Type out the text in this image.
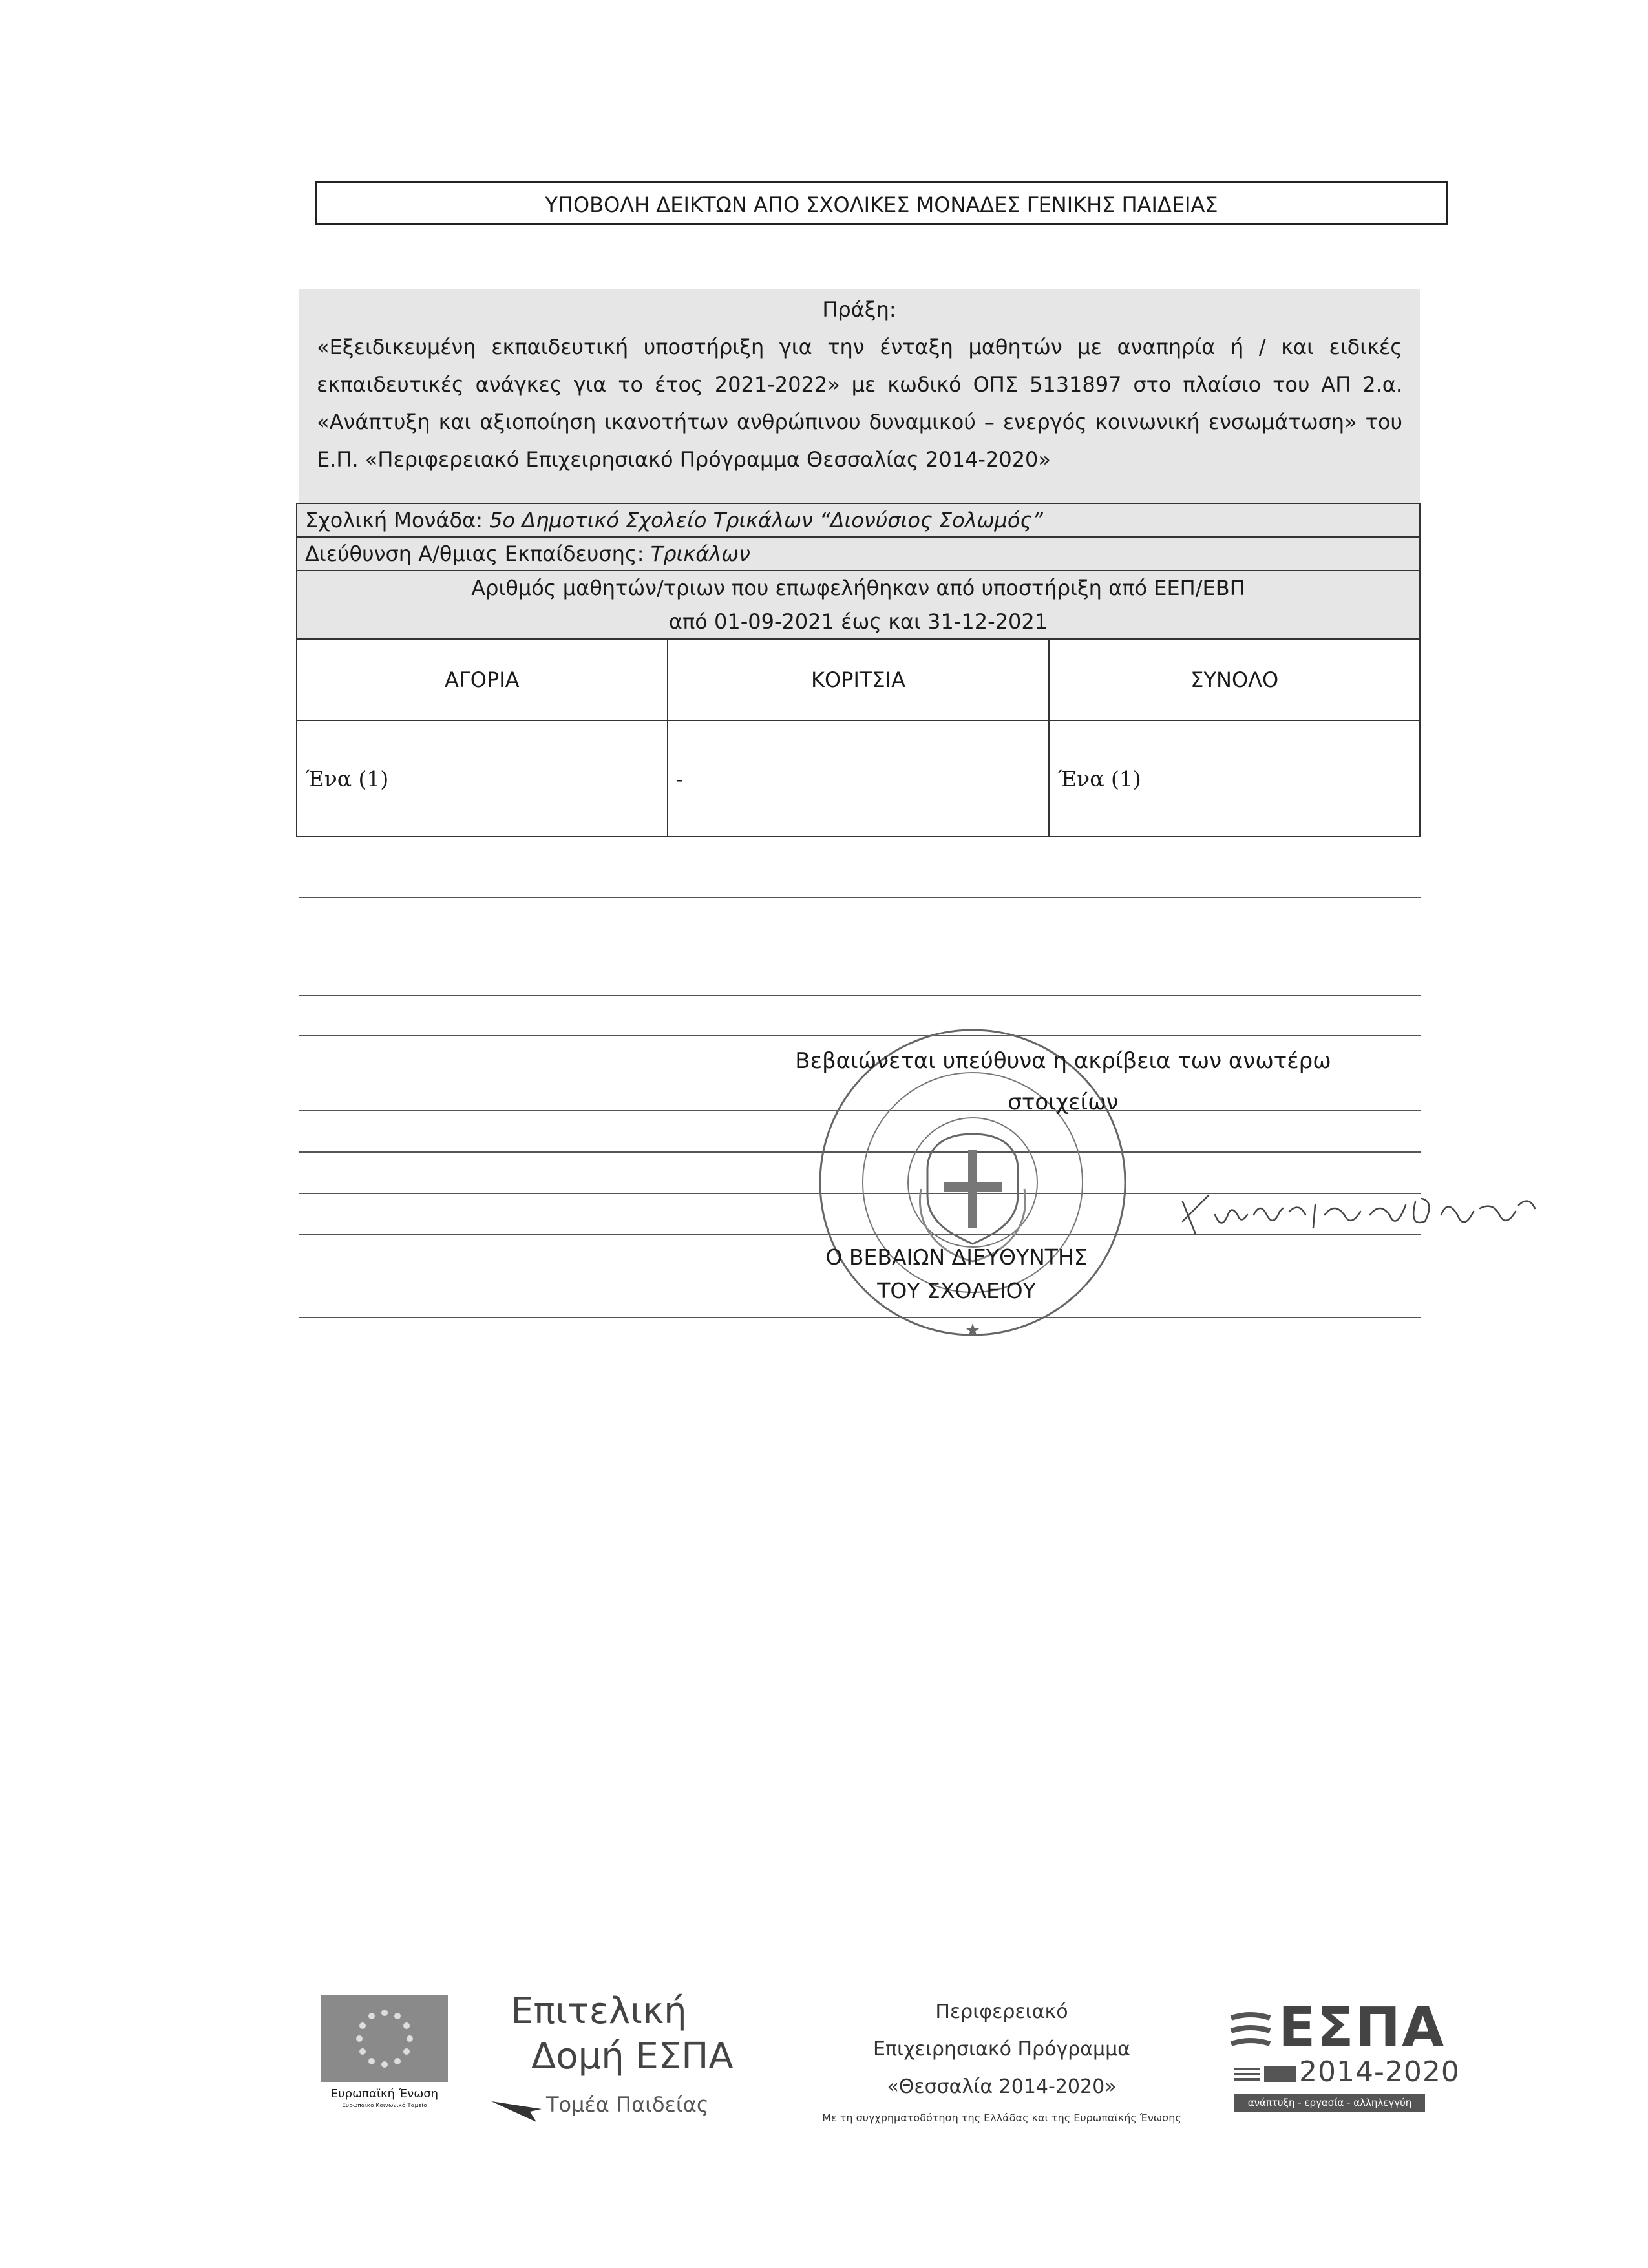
ΥΠΟΒΟΛΗ ΔΕΙΚΤΩΝ ΑΠΟ ΣΧΟΛΙΚΕΣ ΜΟΝΑΔΕΣ ΓΕΝΙΚΗΣ ΠΑΙΔΕΙΑΣ
Πράξη:
«Εξειδικευμένη εκπαιδευτική υποστήριξη για την ένταξη μαθητών με αναπηρία ή / και ειδικές εκπαιδευτικές ανάγκες για το έτος 2021-2022» με κωδικό ΟΠΣ 5131897 στο πλαίσιο του ΑΠ 2.α. «Ανάπτυξη και αξιοποίηση ικανοτήτων ανθρώπινου δυναμικού – ενεργός κοινωνική ενσωμάτωση» του Ε.Π. «Περιφερειακό Επιχειρησιακό Πρόγραμμα Θεσσαλίας 2014-2020»
Σχολική Μονάδα: 5ο Δημοτικό Σχολείο Τρικάλων “Διονύσιος Σολωμός”		
Διεύθυνση Α/θμιας Εκπαίδευσης: Τρικάλων		

Αριθμός μαθητών/τριων που επωφελήθηκαν από υποστήριξη από ΕΕΠ/ΕΒΠ
από 01-09-2021 έως και 31-12-2021		

ΑΓΟΡΙΑ	ΚΟΡΙΤΣΙΑ	ΣΥΝΟΛΟ
Ένα (1)	-	Ένα (1)
★
Βεβαιώνεται υπεύθυνα η ακρίβεια των ανωτέρω
στοιχείων
Ο ΒΕΒΑΙΩΝ ΔΙΕΥΘΥΝΤΗΣ
ΤΟΥ ΣΧΟΛΕΙΟΥ
Ευρωπαϊκή Ένωση
Ευρωπαϊκό Κοινωνικό Ταμείο
Επιτελική
Δομή ΕΣΠΑ
Τομέα Παιδείας
Περιφερειακό
Επιχειρησιακό Πρόγραμμα
«Θεσσαλία 2014-2020»
Με τη συγχρηματοδότηση της Ελλάδας και της Ευρωπαϊκής Ένωσης
ΕΣΠΑ
2014-2020
ανάπτυξη - εργασία - αλληλεγγύη
